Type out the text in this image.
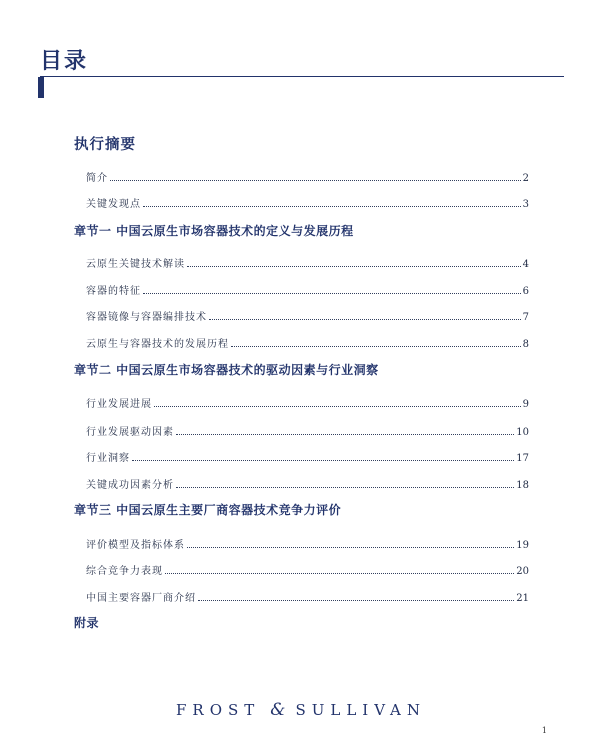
目录
执行摘要
简介	2
关键发现点	3
章节一 中国云原生市场容器技术的定义与发展历程
云原生关键技术解读	4
容器的特征	6
容器镜像与容器编排技术	7
云原生与容器技术的发展历程	8
章节二 中国云原生市场容器技术的驱动因素与行业洞察
行业发展进展	9
行业发展驱动因素	10
行业洞察	17
关键成功因素分析	18
章节三 中国云原生主要厂商容器技术竞争力评价
评价模型及指标体系	19
综合竞争力表现	20
中国主要容器厂商介绍	21
附录
FROST & SULLIVAN
1
